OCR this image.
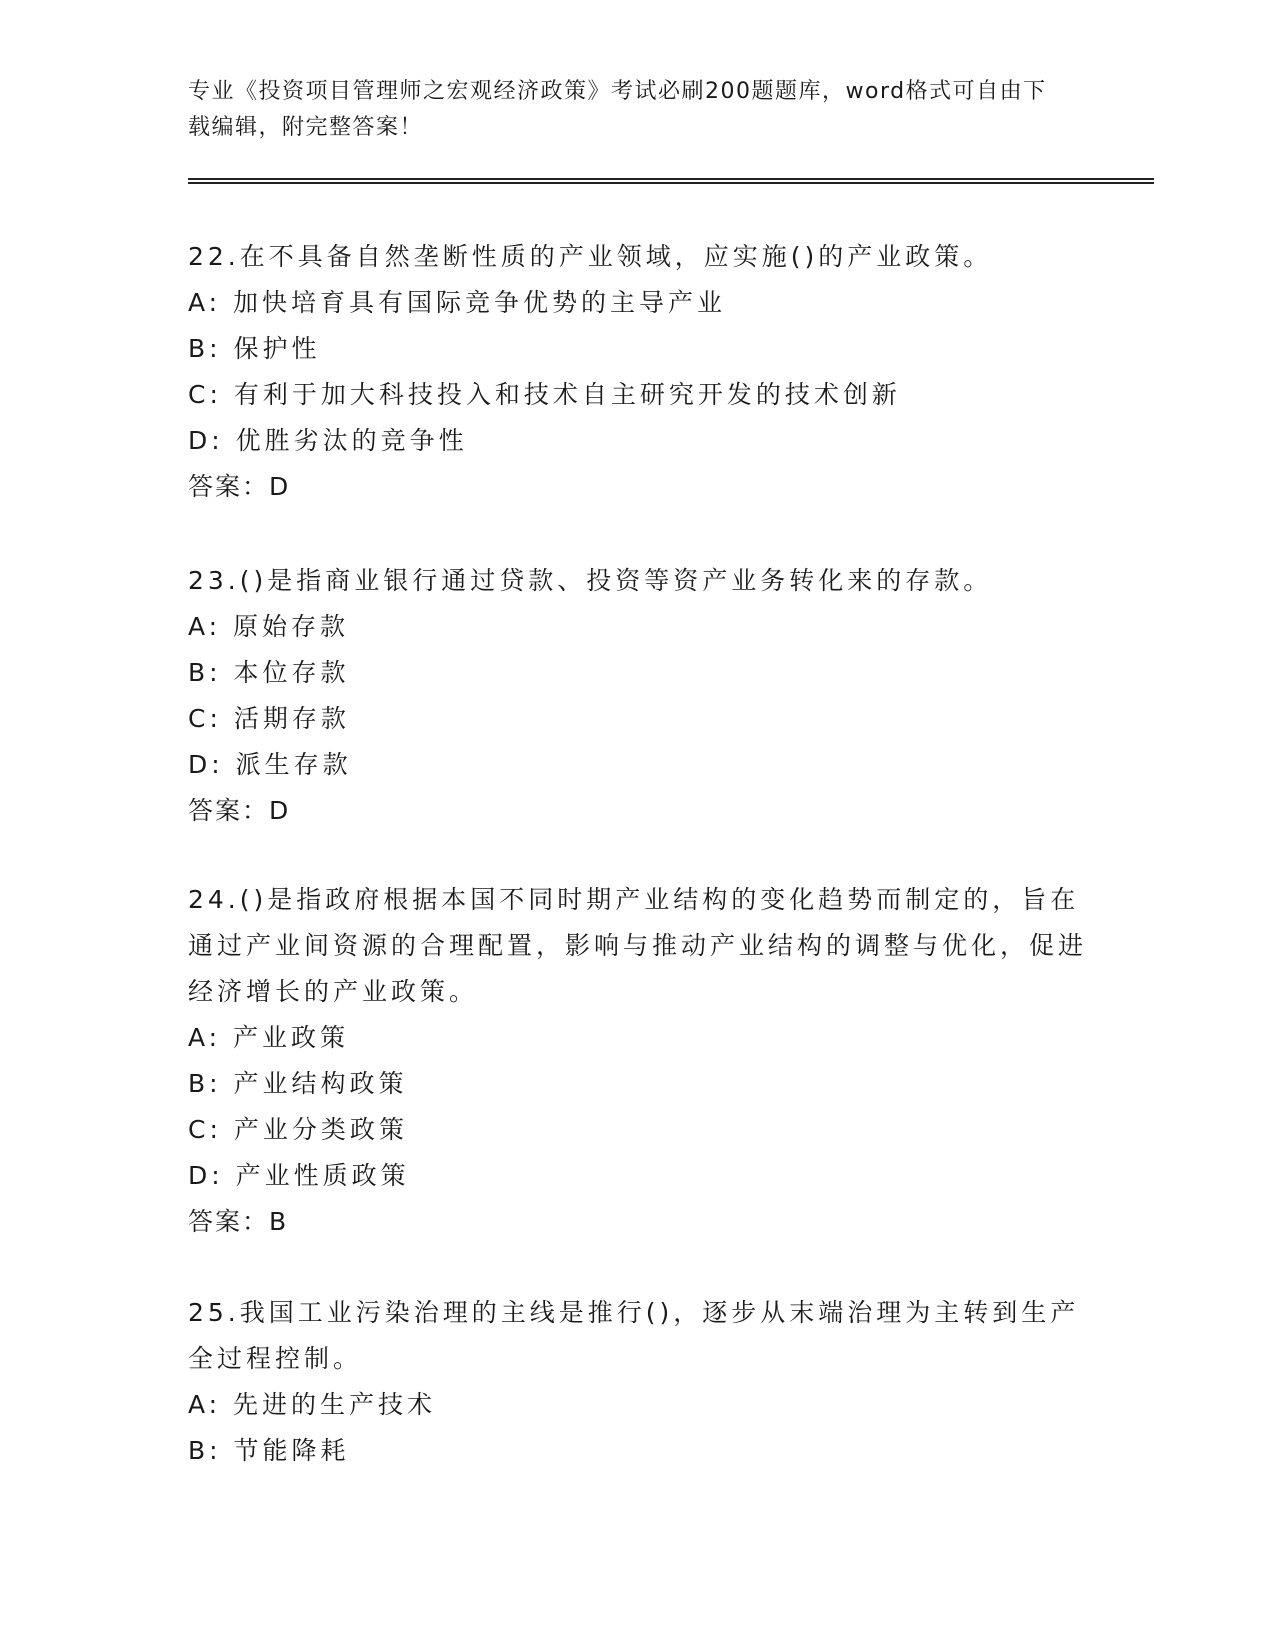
专业《投资项目管理师之宏观经济政策》考试必刷200题题库，word格式可自由下载编辑，附完整答案！
22.在不具备自然垄断性质的产业领域，应实施()的产业政策。
A: 加快培育具有国际竞争优势的主导产业
B: 保护性
C: 有利于加大科技投入和技术自主研究开发的技术创新
D: 优胜劣汰的竞争性
答案：D
23.()是指商业银行通过贷款、投资等资产业务转化来的存款。
A: 原始存款
B: 本位存款
C: 活期存款
D: 派生存款
答案：D
24.()是指政府根据本国不同时期产业结构的变化趋势而制定的，旨在通过产业间资源的合理配置，影响与推动产业结构的调整与优化，促进经济增长的产业政策。
A: 产业政策
B: 产业结构政策
C: 产业分类政策
D: 产业性质政策
答案：B
25.我国工业污染治理的主线是推行()，逐步从末端治理为主转到生产全过程控制。
A: 先进的生产技术
B: 节能降耗
